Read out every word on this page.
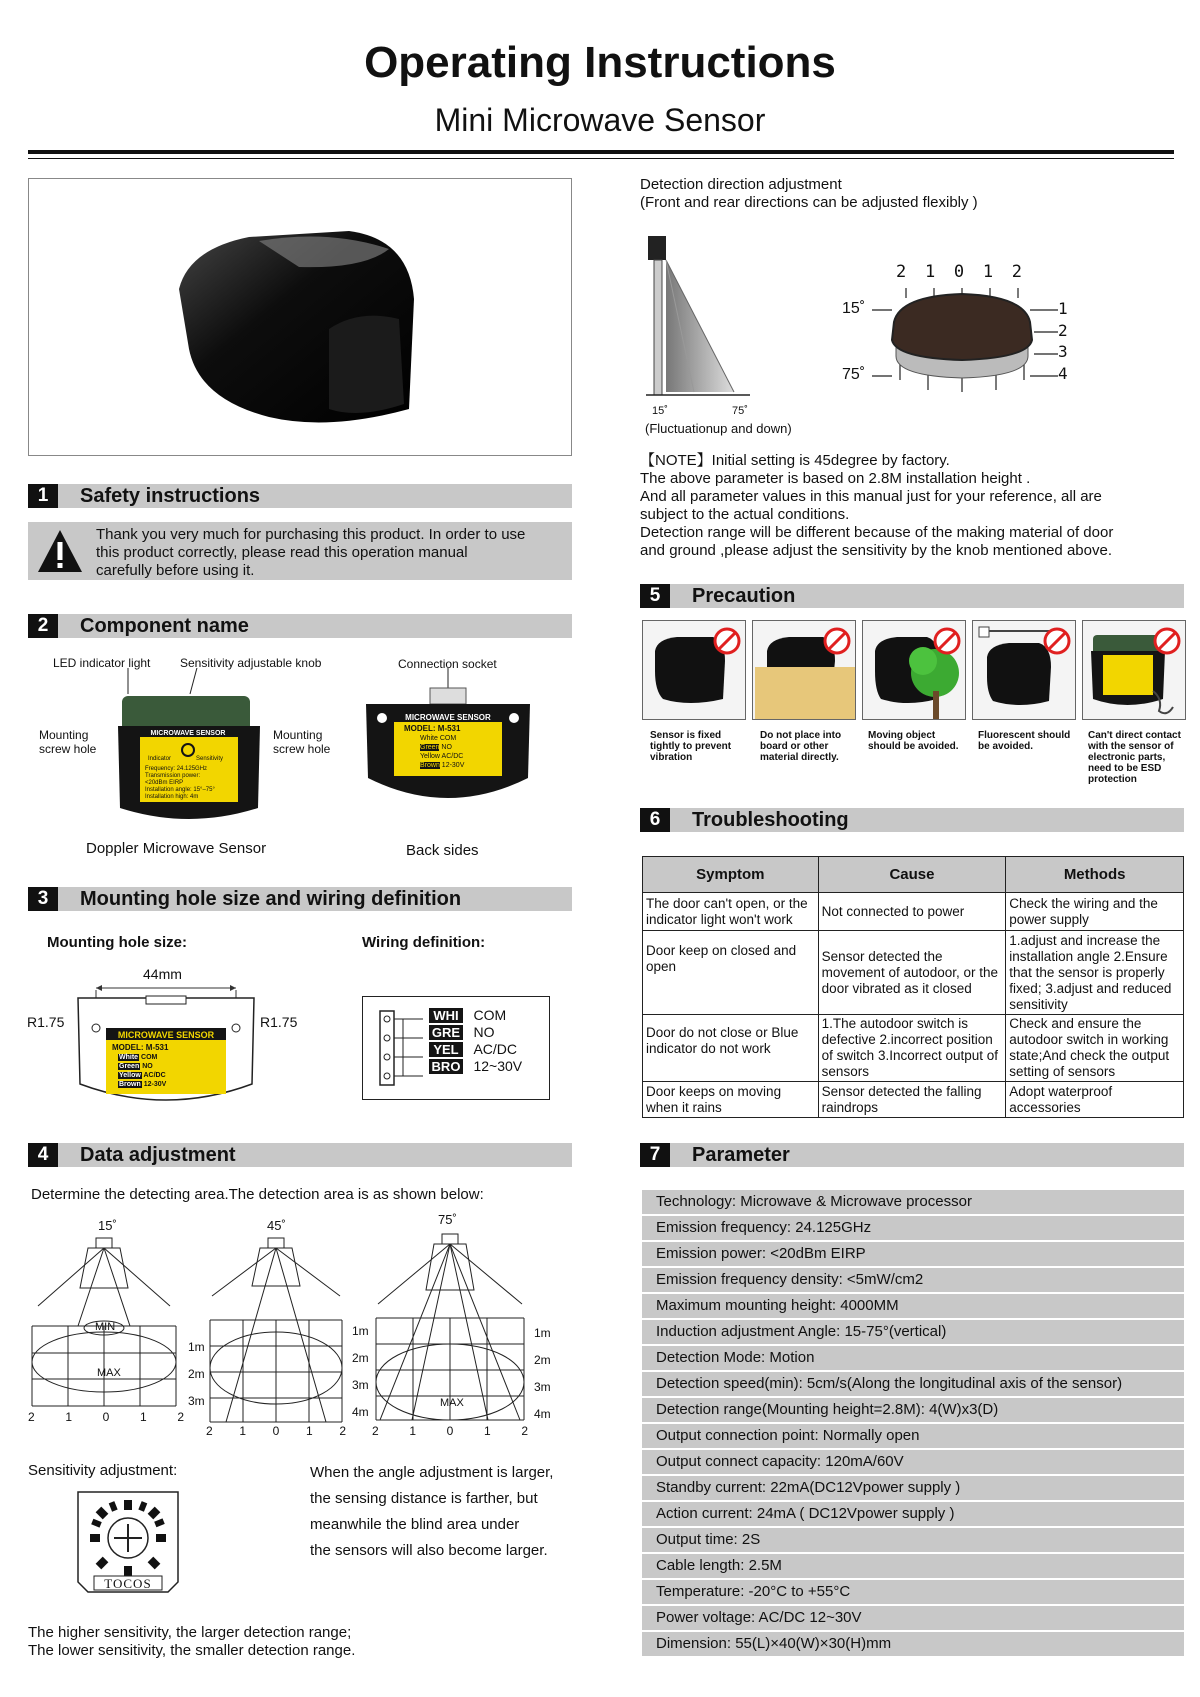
Operating Instructions
Mini Microwave Sensor
1	Safety instructions
Thank you very much for purchasing this product. In order to use
this product correctly, please read this operation manual
carefully before using it.
2	Component name
LED indicator light Sensitivity adjustable knob	Connection socket
Mounting
screw hole
Mounting
screw hole
MICROWAVE SENSOR
Indicator	Sensitivity
Frequency: 24.125GHz
Transmission power:
<20dBm EIRP
Installation angle: 15°–75°
Installation high: 4m
MICROWAVE SENSOR
MODEL: M-531
White COM
Green NO
Yellow AC/DC
Brown 12-30V
Doppler Microwave Sensor	Back sides
3	Mounting hole size and wiring definition
Mounting hole size:	Wiring definition:
44mm
R1.75	R1.75
MICROWAVE SENSOR
MODEL: M-531
White COM
Green NO
Yellow AC/DC
Brown 12-30V
WHI COM
GRE NO
YEL AC/DC
BRO 12~30V
4	Data adjustment
Determine the detecting area.The detection area is as shown below:
15˚	45˚	75˚
MIN
MAX
1m
2m
3m
2	1	0	1	2
1m
2m
3m
4m
2 1 0 1 2
MAX
1m
2m
3m
4m
2	1	0	1	2
Sensitivity adjustment:
TOCOS
When the angle adjustment is larger,
the sensing distance is farther, but
meanwhile the blind area under
the sensors will also become larger.
The higher sensitivity, the larger detection range;
The lower sensitivity, the smaller detection range.
Detection direction adjustment
(Front and rear directions can be adjusted flexibly )
15˚	75˚
(Fluctuationup and down)
2 1 0 1 2
15˚
75˚
1
2
3
4
【NOTE】Initial setting is 45degree by factory.
The above parameter is based on 2.8M installation height .
And all parameter values in this manual just for your reference, all are
subject to the actual conditions.
Detection range will be different because of the making material of door
and ground ,please adjust the sensitivity by the knob mentioned above.
5	Precaution
Sensor is fixed
tightly to prevent
vibration
Do not place into
board or other
material directly.
Moving object
should be avoided.
Fluorescent should
be avoided.
Can't direct contact
with the sensor of
electronic parts,
need to be ESD
protection
6	Troubleshooting
Symptom	Cause	Methods
The door can't open, or the indicator light won't work	Not connected to power	Check the wiring and the power supply
Door keep on closed and open	Sensor detected the movement of autodoor, or the door vibrated as it closed	1.adjust and increase the installation angle 2.Ensure that the sensor is properly fixed; 3.adjust and reduced sensitivity
Door do not close or Blue indicator do not work	1.The autodoor switch is defective 2.incorrect position of switch 3.Incorrect output of sensors	Check and ensure the autodoor switch in working state;And check the output setting of sensors
Door keeps on moving when it rains	Sensor detected the falling raindrops	Adopt waterproof accessories
7	Parameter
Technology: Microwave & Microwave processor
Emission frequency: 24.125GHz
Emission power: <20dBm EIRP
Emission frequency density: <5mW/cm2
Maximum mounting height: 4000MM
Induction adjustment Angle: 15-75°(vertical)
Detection Mode: Motion
Detection speed(min): 5cm/s(Along the longitudinal axis of the sensor)
Detection range(Mounting height=2.8M): 4(W)x3(D)
Output connection point: Normally open
Output connect capacity: 120mA/60V
Standby current: 22mA(DC12Vpower supply )
Action current: 24mA ( DC12Vpower supply )
Output time: 2S
Cable length: 2.5M
Temperature: -20°C to +55°C
Power voltage: AC/DC 12~30V
Dimension: 55(L)×40(W)×30(H)mm
